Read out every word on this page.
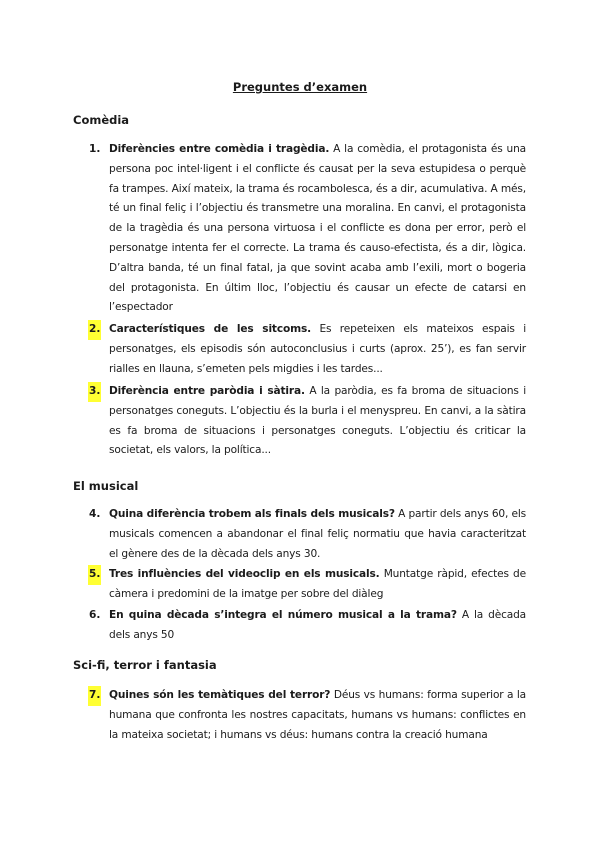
Preguntes d’examen
Comèdia
1. Diferències entre comèdia i tragèdia. A la comèdia, el protagonista és una persona poc intel·ligent i el conflicte és causat per la seva estupidesa o perquè fa trampes. Així mateix, la trama és rocambolesca, és a dir, acumulativa. A més, té un final feliç i l’objectiu és transmetre una moralina. En canvi, el protagonista de la tragèdia és una persona virtuosa i el conflicte es dona per error, però el personatge intenta fer el correcte. La trama és causo-efectista, és a dir, lògica. D’altra banda, té un final fatal, ja que sovint acaba amb l’exili, mort o bogeria del protagonista. En últim lloc, l’objectiu és causar un efecte de catarsi en l’espectador
2. Característiques de les sitcoms. Es repeteixen els mateixos espais i personatges, els episodis són autoconclusius i curts (aprox. 25’), es fan servir rialles en llauna, s’emeten pels migdies i les tardes...
3. Diferència entre paròdia i sàtira. A la paròdia, es fa broma de situacions i personatges coneguts. L’objectiu és la burla i el menyspreu. En canvi, a la sàtira es fa broma de situacions i personatges coneguts. L’objectiu és criticar la societat, els valors, la política...
El musical
4. Quina diferència trobem als finals dels musicals? A partir dels anys 60, els musicals comencen a abandonar el final feliç normatiu que havia caracteritzat el gènere des de la dècada dels anys 30.
5. Tres influències del videoclip en els musicals. Muntatge ràpid, efectes de càmera i predomini de la imatge per sobre del diàleg
6. En quina dècada s’integra el número musical a la trama? A la dècada dels anys 50
Sci-fi, terror i fantasia
7. Quines són les temàtiques del terror? Déus vs humans: forma superior a la humana que confronta les nostres capacitats, humans vs humans: conflictes en la mateixa societat; i humans vs déus: humans contra la creació humana
